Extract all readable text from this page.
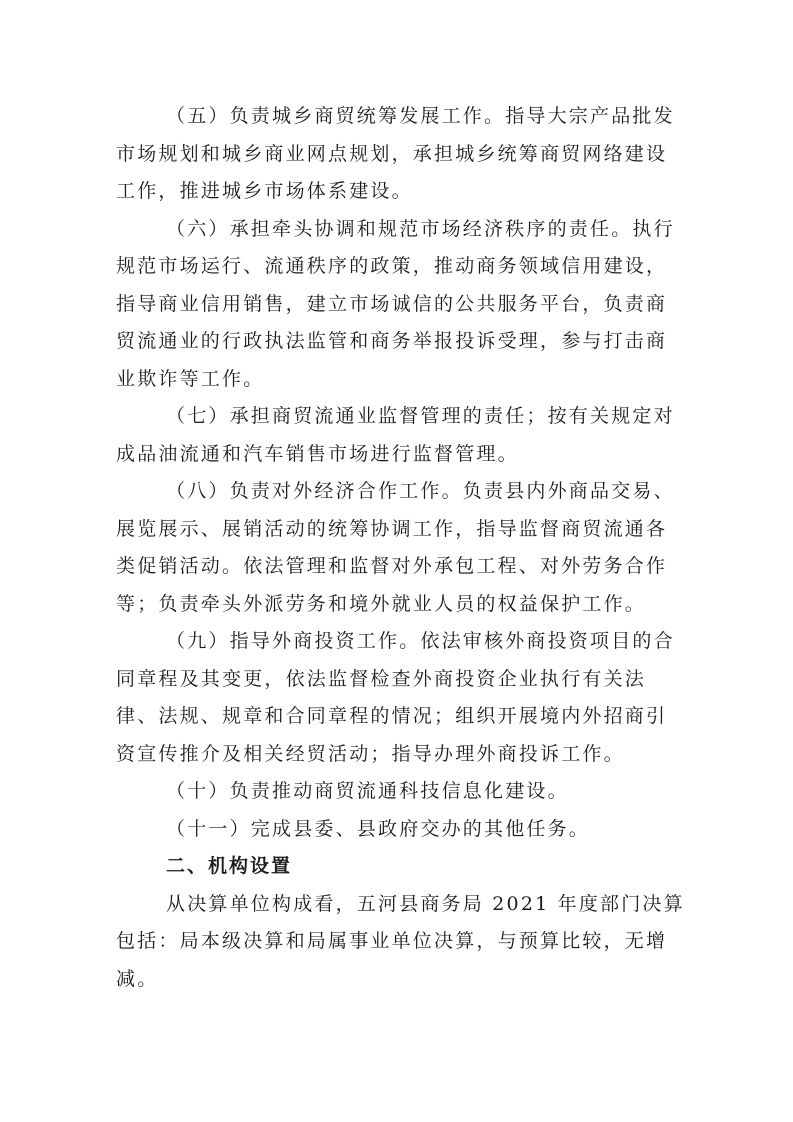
（五）负责城乡商贸统筹发展工作。指导大宗产品批发
市场规划和城乡商业网点规划，承担城乡统筹商贸网络建设
工作，推进城乡市场体系建设。

（六）承担牵头协调和规范市场经济秩序的责任。执行
规范市场运行、流通秩序的政策，推动商务领域信用建设，
指导商业信用销售，建立市场诚信的公共服务平台，负责商
贸流通业的行政执法监管和商务举报投诉受理，参与打击商
业欺诈等工作。

（七）承担商贸流通业监督管理的责任；按有关规定对
成品油流通和汽车销售市场进行监督管理。

（八）负责对外经济合作工作。负责县内外商品交易、
展览展示、展销活动的统筹协调工作，指导监督商贸流通各
类促销活动。依法管理和监督对外承包工程、对外劳务合作
等；负责牵头外派劳务和境外就业人员的权益保护工作。

（九）指导外商投资工作。依法审核外商投资项目的合
同章程及其变更，依法监督检查外商投资企业执行有关法
律、法规、规章和合同章程的情况；组织开展境内外招商引
资宣传推介及相关经贸活动；指导办理外商投诉工作。

（十）负责推动商贸流通科技信息化建设。

（十一）完成县委、县政府交办的其他任务。

二、机构设置

从决算单位构成看，五河县商务局 2021 年度部门决算
包括：局本级决算和局属事业单位决算，与预算比较，无增
减。
